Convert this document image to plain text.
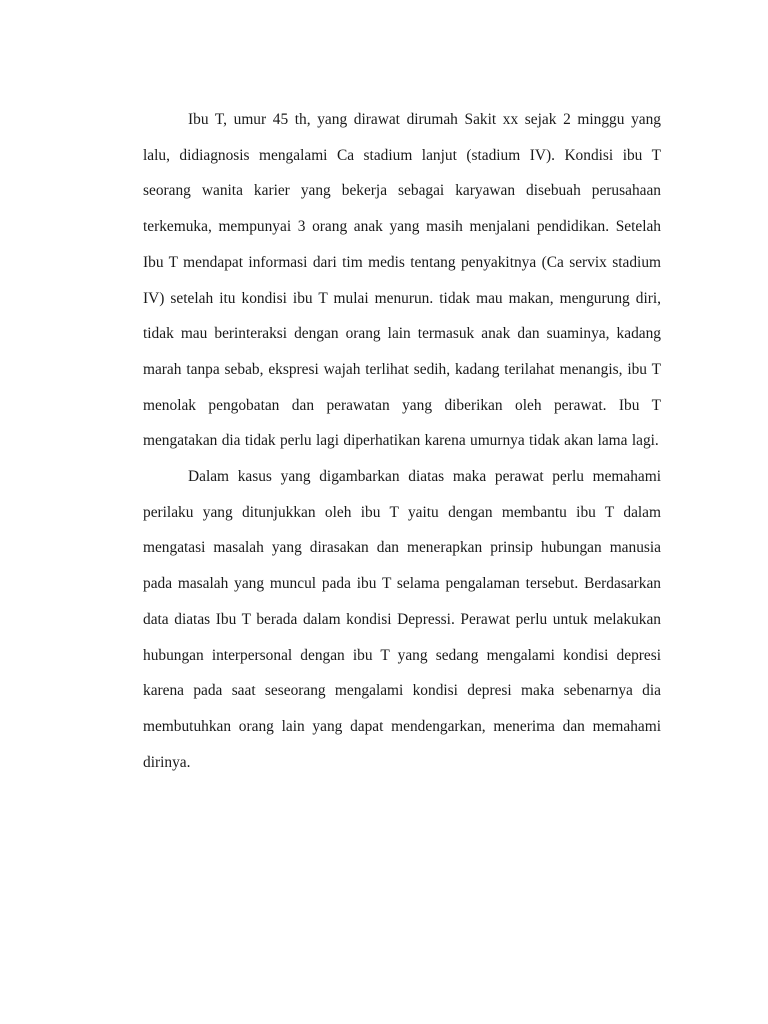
Ibu T, umur 45 th, yang dirawat dirumah Sakit xx sejak 2 minggu yang lalu, didiagnosis mengalami Ca stadium lanjut (stadium IV). Kondisi ibu T seorang wanita karier yang bekerja sebagai karyawan disebuah perusahaan terkemuka, mempunyai 3 orang anak yang masih menjalani pendidikan. Setelah Ibu T mendapat informasi dari tim medis tentang penyakitnya (Ca servix stadium IV) setelah itu kondisi ibu T mulai menurun. tidak mau makan, mengurung diri, tidak mau berinteraksi dengan orang lain termasuk anak dan suaminya, kadang marah tanpa sebab, ekspresi wajah terlihat sedih, kadang terilahat menangis, ibu T menolak pengobatan dan perawatan yang diberikan oleh perawat. Ibu T mengatakan dia tidak perlu lagi diperhatikan karena umurnya tidak akan lama lagi.

Dalam kasus yang digambarkan diatas maka perawat perlu memahami perilaku yang ditunjukkan oleh ibu T yaitu dengan membantu ibu T dalam mengatasi masalah yang dirasakan dan menerapkan prinsip hubungan manusia pada masalah yang muncul pada ibu T selama pengalaman tersebut. Berdasarkan data diatas Ibu T berada dalam kondisi Depressi. Perawat perlu untuk melakukan hubungan interpersonal dengan ibu T yang sedang mengalami kondisi depresi karena pada saat seseorang mengalami kondisi depresi maka sebenarnya dia membutuhkan orang lain yang dapat mendengarkan, menerima dan memahami dirinya.
